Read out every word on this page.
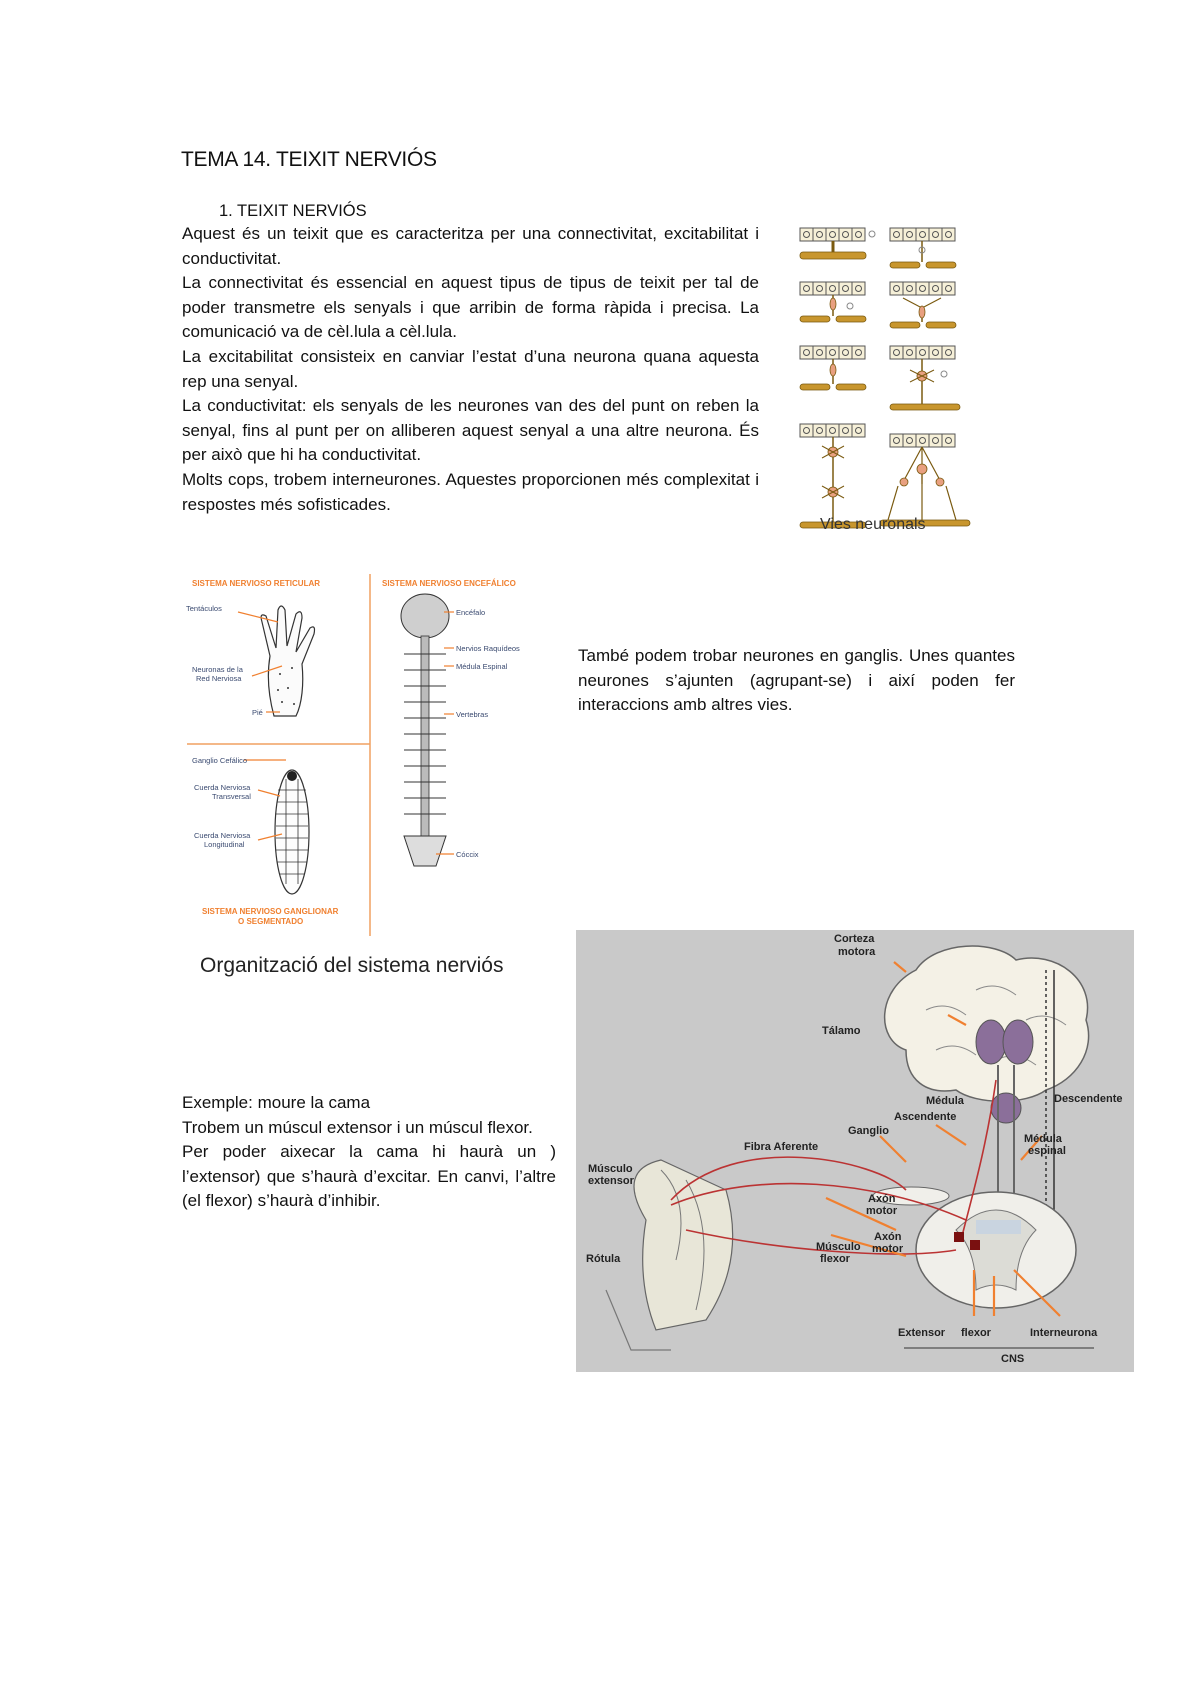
TEMA 14. TEIXIT NERVIÓS
1. TEIXIT NERVIÓS

Aquest és un teixit que es caracteritza per una connectivitat, excitabilitat i conductivitat.

La connectivitat és essencial en aquest tipus de tipus de teixit per tal de poder transmetre els senyals i que arribin de forma ràpida i precisa. La comunicació va de cèl.lula a cèl.lula.

La excitabilitat consisteix en canviar l’estat d’una neurona quana aquesta rep una senyal.

La conductivitat: els senyals de les neurones van des del punt on reben la senyal, fins al punt per on alliberen aquest senyal a una altre neurona. És per això que hi ha conductivitat.

Molts cops, trobem interneurones. Aquestes proporcionen més complexitat i respostes més sofisticades.

Vies neuronals
SISTEMA NERVIOSO RETICULAR	SISTEMA NERVIOSO ENCEFÁLICO
SISTEMA NERVIOSO GANGLIONAR
O SEGMENTADO
Tentáculos
Neuronas de la
Red Nerviosa
Pié
Ganglio Cefálico
Cuerda Nerviosa
Transversal
Cuerda Nerviosa
Longitudinal
Encéfalo
Nervios Raquídeos
Médula Espinal
Vertebras
Cóccix
Organització del sistema nerviós

També podem trobar neurones en ganglis. Unes quantes neurones s’ajunten (agrupant-se) i així poden fer interaccions amb altres vies.

Exemple: moure la cama

Trobem un múscul extensor i un múscul flexor.

Per poder aixecar la cama hi haurà un ) l’extensor) que s’haurà d’excitar. En canvi, l’altre (el flexor) s’haurà d’inhibir.

Corteza
motora
Tálamo
Médula
Ascendente
Descendente
Ganglio
Fibra Aferente
Médula
espinal
Músculo
extensor
Axón
motor
Axón
motor
Músculo
flexor
Rótula
Extensor flexor	Interneurona
CNS
